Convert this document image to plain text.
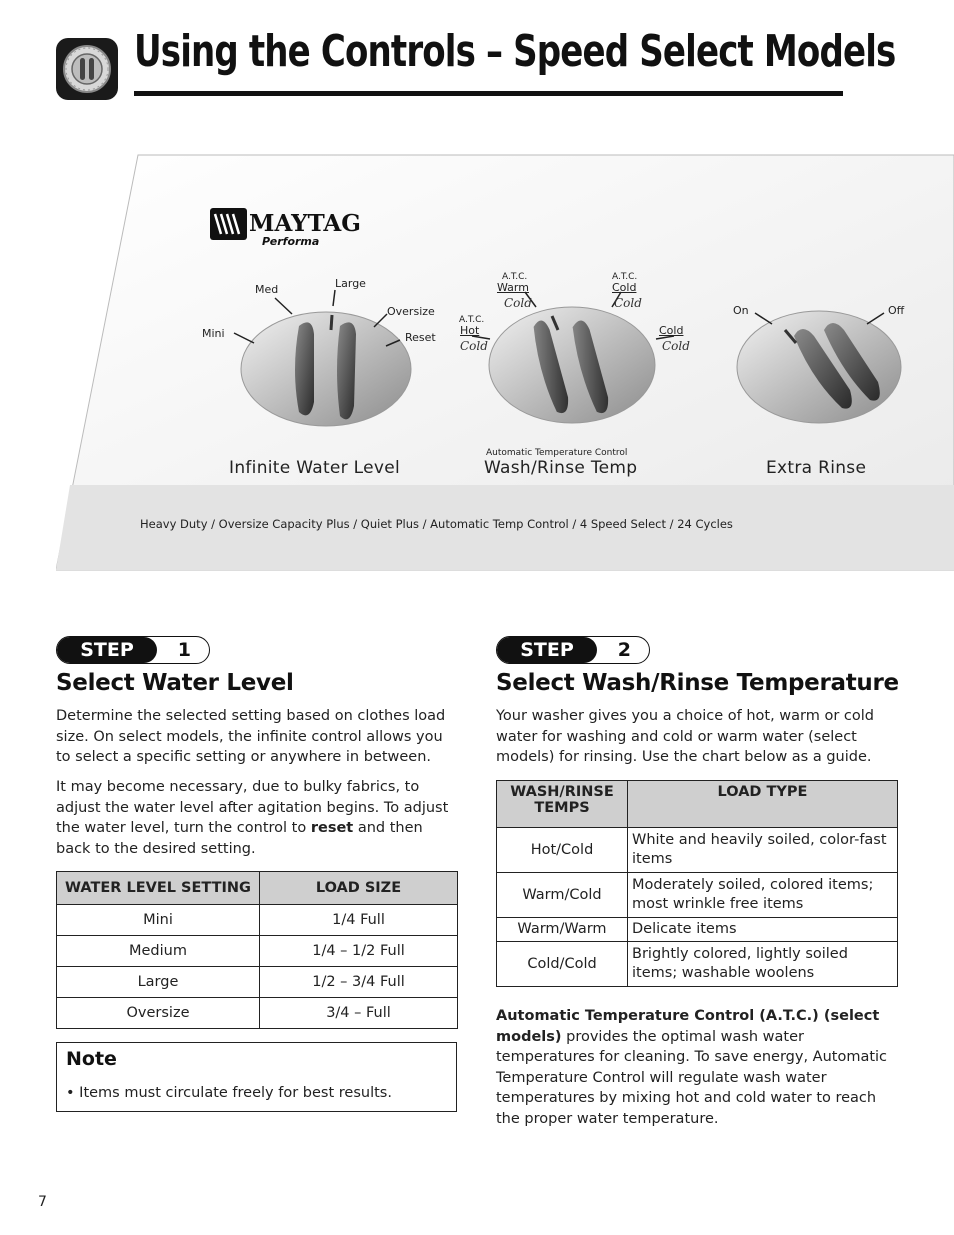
Using the Controls – Speed Select Models
MAYTAG
Performa
Mini
Med	Large
Oversize
Reset
Infinite Water Level
A.T.C.
Warm
Cold
A.T.C.
Cold
Cold
A.T.C.
Hot
Cold
Cold
Cold
Automatic Temperature Control
Wash/Rinse Temp
On	Off
Extra Rinse
Heavy Duty / Oversize Capacity Plus / Quiet Plus / Automatic Temp Control / 4 Speed Select / 24 Cycles
STEP	1
Select Water Level
Determine the selected setting based on clothes load size. On select models, the infinite control allows you to select a specific setting or anywhere in between.
It may become necessary, due to bulky fabrics, to adjust the water level after agitation begins. To adjust the water level, turn the control to reset and then back to the desired setting.
WATER LEVEL SETTING	LOAD SIZE
Mini	1/4 Full
Medium	1/4 – 1/2 Full
Large	1/2 – 3/4 Full
Oversize	3/4 – Full
Note
• Items must circulate freely for best results.
STEP	2
Select Wash/Rinse Temperature
Your washer gives you a choice of hot, warm or cold water for washing and cold or warm water (select models) for rinsing. Use the chart below as a guide.
WASH/RINSE TEMPS	LOAD TYPE
Hot/Cold	White and heavily soiled, color-fast items
Warm/Cold	Moderately soiled, colored items; most wrinkle free items
Warm/Warm	Delicate items
Cold/Cold	Brightly colored, lightly soiled items; washable woolens
Automatic Temperature Control (A.T.C.) (select models) provides the optimal wash water temperatures for cleaning. To save energy, Automatic Temperature Control will regulate wash water temperatures by mixing hot and cold water to reach the proper water temperature.
7
